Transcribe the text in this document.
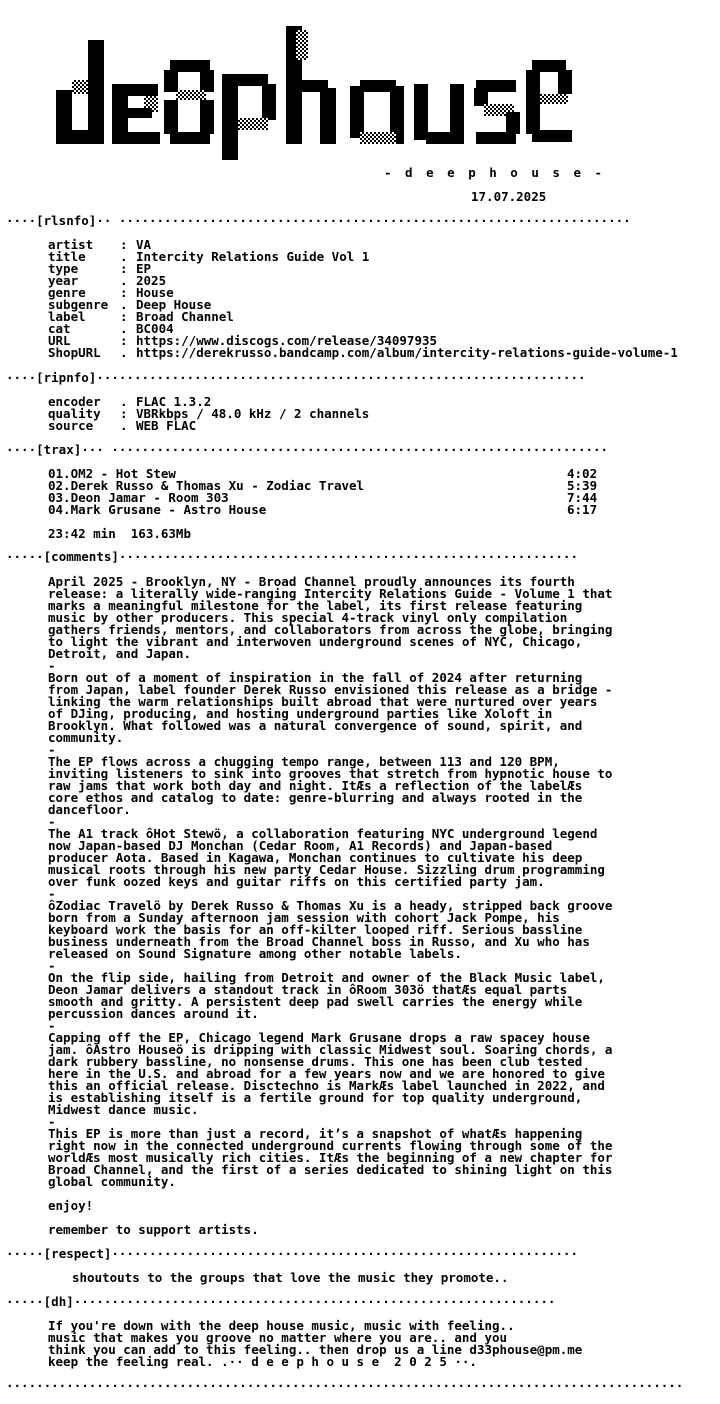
- d e e p h o u s e -
17.07.2025
····[rlsnfo]·· ····································································
artist : VA
title	. Intercity Relations Guide Vol 1
type	: EP
year	. 2025
genre	: House
subgenre . Deep House
label	: Broad Channel
cat	. BC004
URL	: https://www.discogs.com/release/34097935
ShopURL . https://derekrusso.bandcamp.com/album/intercity-relations-guide-volume-1
····[ripnfo]·································································
encoder . FLAC 1.3.2
quality : VBRkbps / 48.0 kHz / 2 channels
source . WEB FLAC
····[trax]··· ··································································
01.OM2 - Hot Stew	4:02
02.Derek Russo & Thomas Xu - Zodiac Travel	5:39
03.Deon Jamar - Room 303	7:44
04.Mark Grusane - Astro House	6:17
23:42 min  163.63Mb
·····[comments]·····························································
April 2025 - Brooklyn, NY - Broad Channel proudly announces its fourth
release: a literally wide-ranging Intercity Relations Guide - Volume 1 that
marks a meaningful milestone for the label, its first release featuring
music by other producers. This special 4-track vinyl only compilation
gathers friends, mentors, and collaborators from across the globe, bringing
to light the vibrant and interwoven underground scenes of NYC, Chicago,
Detroit, and Japan.
-
Born out of a moment of inspiration in the fall of 2024 after returning
from Japan, label founder Derek Russo envisioned this release as a bridge -
linking the warm relationships built abroad that were nurtured over years
of DJing, producing, and hosting underground parties like Xoloft in
Brooklyn. What followed was a natural convergence of sound, spirit, and
community.
-
The EP flows across a chugging tempo range, between 113 and 120 BPM,
inviting listeners to sink into grooves that stretch from hypnotic house to
raw jams that work both day and night. ItÆs a reflection of the labelÆs
core ethos and catalog to date: genre-blurring and always rooted in the
dancefloor.
-
The A1 track ôHot Stewö, a collaboration featuring NYC underground legend
now Japan-based DJ Monchan (Cedar Room, A1 Records) and Japan-based
producer Aota. Based in Kagawa, Monchan continues to cultivate his deep
musical roots through his new party Cedar House. Sizzling drum programming
over funk oozed keys and guitar riffs on this certified party jam.
-
ôZodiac Travelö by Derek Russo & Thomas Xu is a heady, stripped back groove
born from a Sunday afternoon jam session with cohort Jack Pompe, his
keyboard work the basis for an off-kilter looped riff. Serious bassline
business underneath from the Broad Channel boss in Russo, and Xu who has
released on Sound Signature among other notable labels.
-
On the flip side, hailing from Detroit and owner of the Black Music label,
Deon Jamar delivers a standout track in ôRoom 303ö thatÆs equal parts
smooth and gritty. A persistent deep pad swell carries the energy while
percussion dances around it.
-
Capping off the EP, Chicago legend Mark Grusane drops a raw spacey house
jam. ôAstro Houseö is dripping with classic Midwest soul. Soaring chords, a
dark rubbery bassline, no nonsense drums. This one has been club tested
here in the U.S. and abroad for a few years now and we are honored to give
this an official release. Disctechno is MarkÆs label launched in 2022, and
is establishing itself is a fertile ground for top quality underground,
Midwest dance music.
-
This EP is more than just a record, it’s a snapshot of whatÆs happening
right now in the connected underground currents flowing through some of the
worldÆs most musically rich cities. ItÆs the beginning of a new chapter for
Broad Channel, and the first of a series dedicated to shining light on this
global community.

enjoy!

remember to support artists.
·····[respect]······························································
shoutouts to the groups that love the music they promote..
·····[dh]································································
If you're down with the deep house music, music with feeling..
music that makes you groove no matter where you are.. and you
think you can add to this feeling.. then drop us a line d33phouse@pm.me
keep the feeling real. .·· d e e p h o u s e  2 0 2 5 ··.
··························································································
